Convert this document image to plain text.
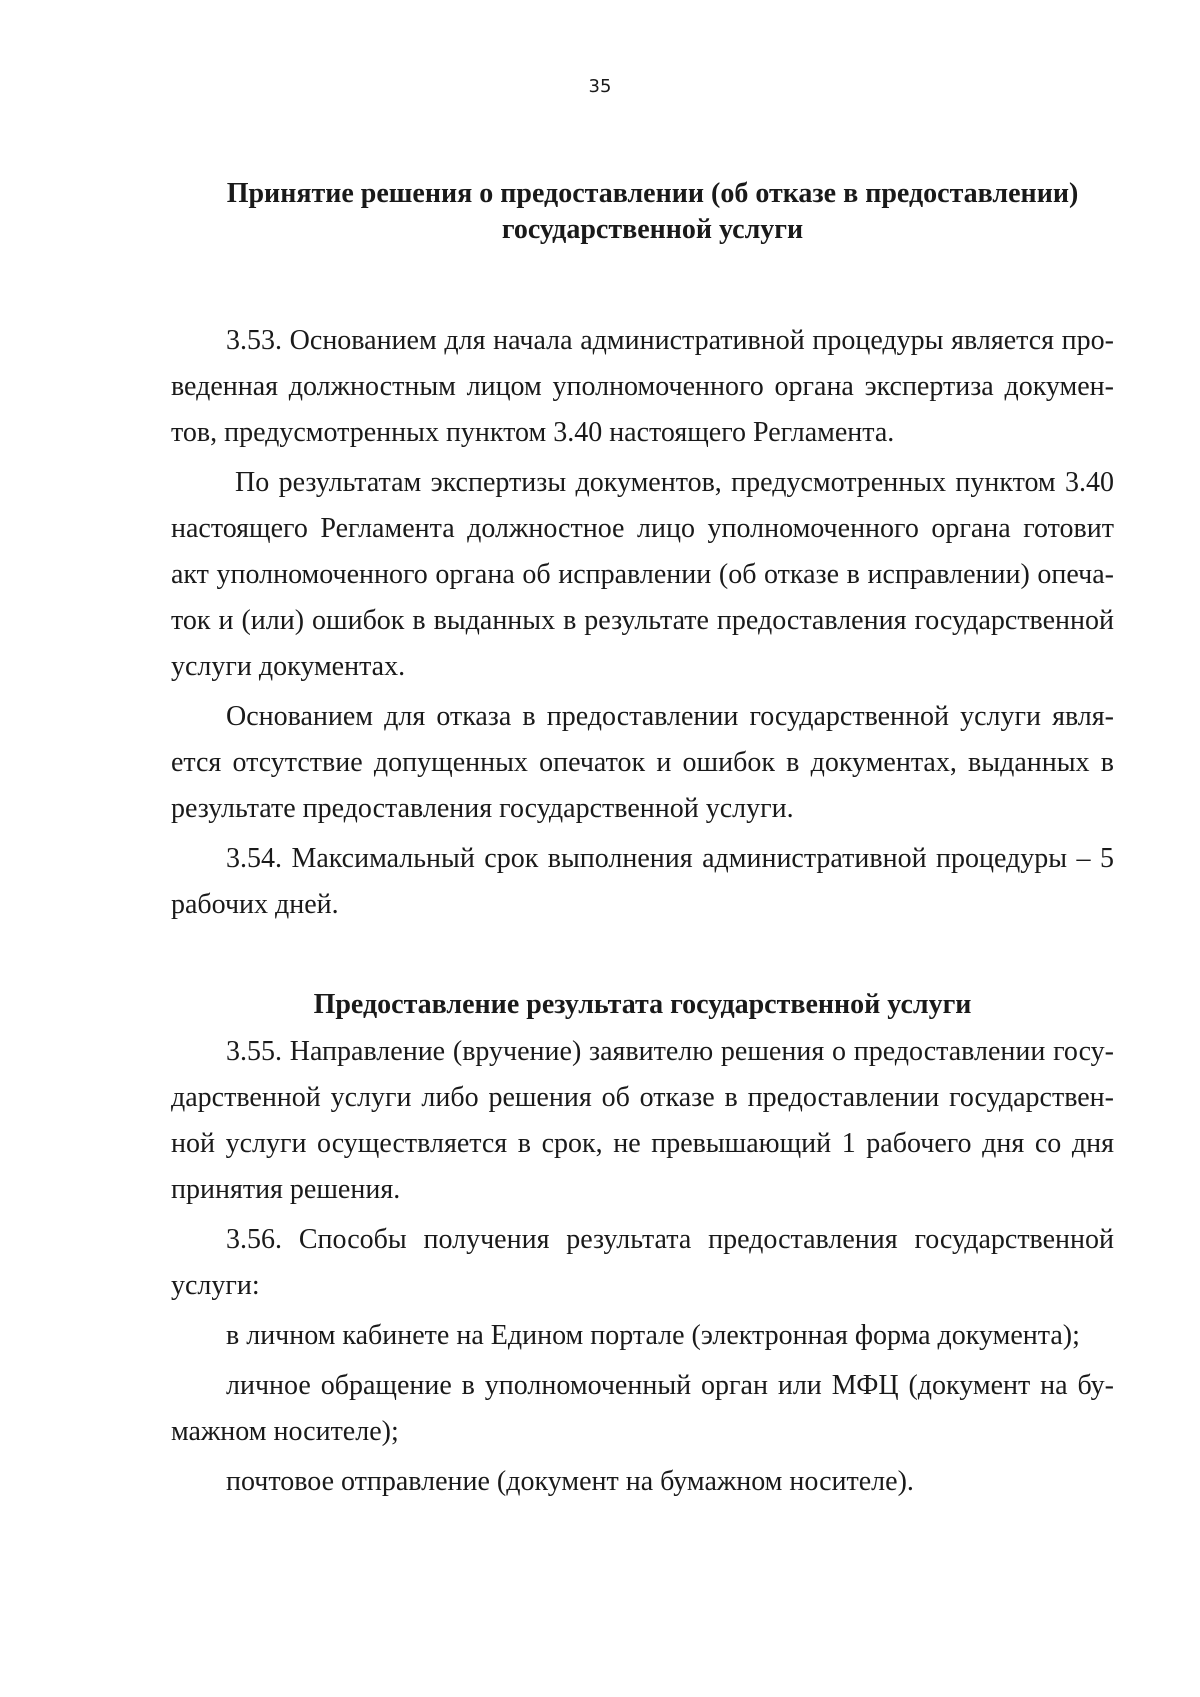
35
Принятие решения о предоставлении (об отказе в предоставлении)
государственной услуги

3.53. Основанием для начала административной процедуры является проведенная должностным лицом уполномоченного органа экспертиза документов, предусмотренных пунктом 3.40 настоящего Регламента.

По результатам экспертизы документов, предусмотренных пунктом 3.40 настоящего Регламента должностное лицо уполномоченного органа готовит акт уполномоченного органа об исправлении (об отказе в исправлении) опечаток и (или) ошибок в выданных в результате предоставления государственной услуги документах.

Основанием для отказа в предоставлении государственной услуги является отсутствие допущенных опечаток и ошибок в документах, выданных в результате предоставления государственной услуги.

3.54. Максимальный срок выполнения административной процедуры – 5 рабочих дней.

Предоставление результата государственной услуги

3.55. Направление (вручение) заявителю решения о предоставлении государственной услуги либо решения об отказе в предоставлении государственной услуги осуществляется в срок, не превышающий 1 рабочего дня со дня принятия решения.

3.56. Способы получения результата предоставления государственной услуги:

в личном кабинете на Едином портале (электронная форма документа);

личное обращение в уполномоченный орган или МФЦ (документ на бумажном носителе);

почтовое отправление (документ на бумажном носителе).
